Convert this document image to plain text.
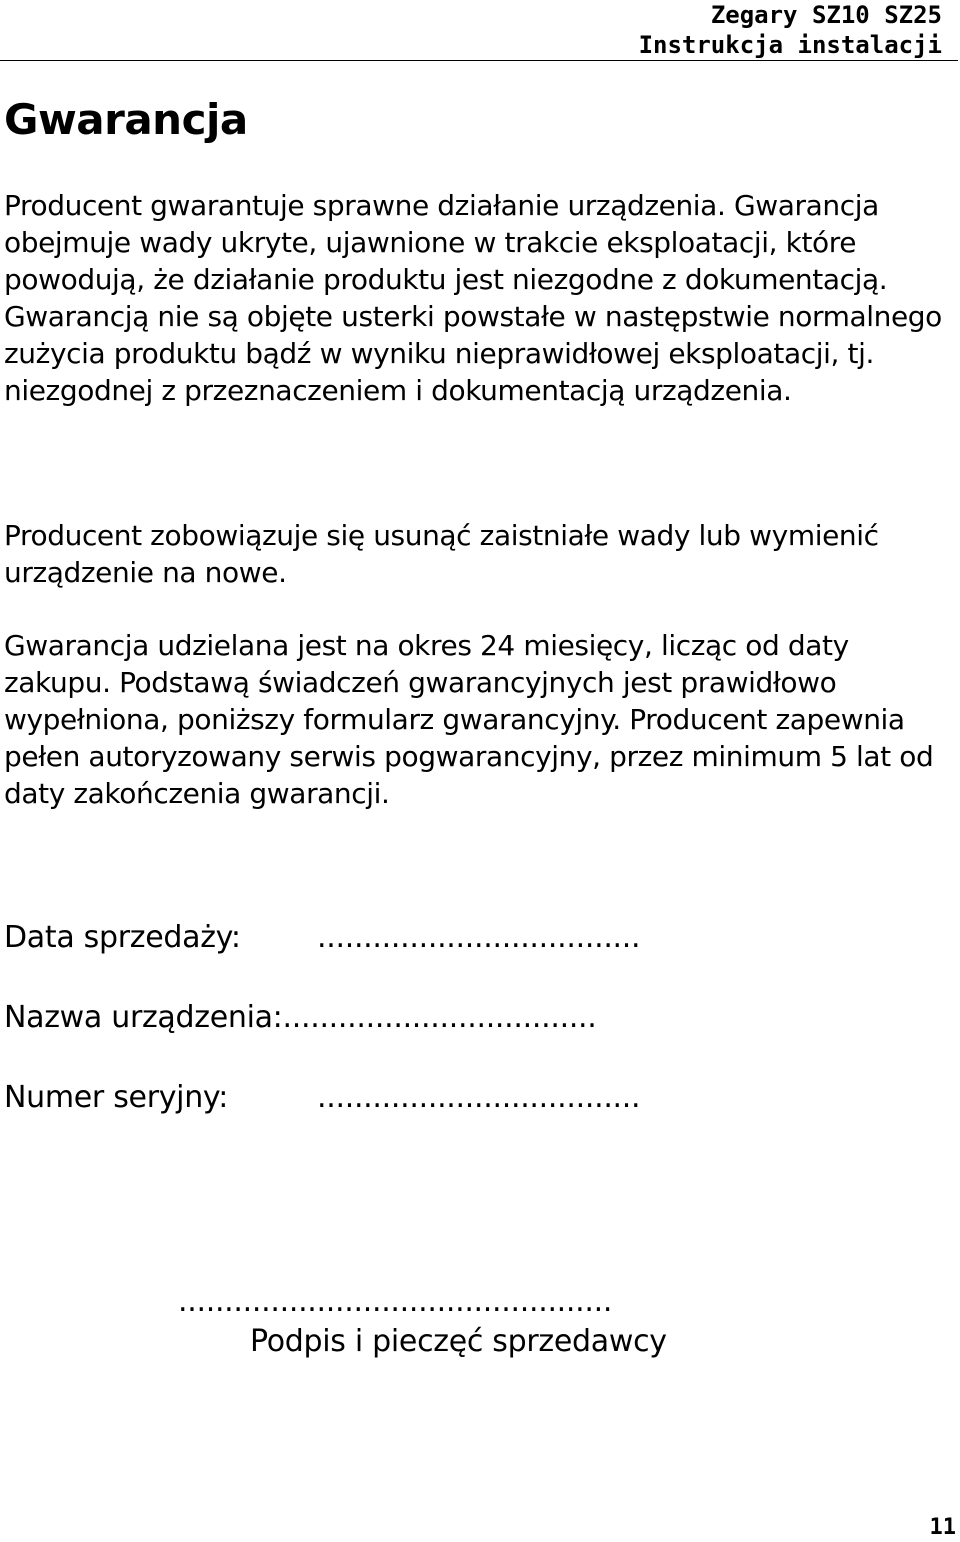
Zegary SZ10 SZ25
Instrukcja instalacji
Gwarancja

Producent gwarantuje sprawne działanie urządzenia. Gwarancja obejmuje wady ukryte, ujawnione w trakcie eksploatacji, które powodują, że działanie produktu jest niezgodne z dokumentacją. Gwarancją nie są objęte usterki powstałe w następstwie normalnego zużycia produktu bądź w wyniku nieprawidłowej eksploatacji, tj. niezgodnej z przeznaczeniem i dokumentacją urządzenia.

Producent zobowiązuje się usunąć zaistniałe wady lub wymienić urządzenie na nowe.

Gwarancja udzielana jest na okres 24 miesięcy, licząc od daty zakupu. Podstawą świadczeń gwarancyjnych jest prawidłowo wypełniona, poniższy formularz gwarancyjny. Producent zapewnia pełen autoryzowany serwis pogwarancyjny, przez minimum 5 lat od daty zakończenia gwarancji.

Data sprzedaży:	...................................
Nazwa urządzenia:..................................
Numer seryjny:	...................................
...............................................
Podpis i pieczęć sprzedawcy
11
